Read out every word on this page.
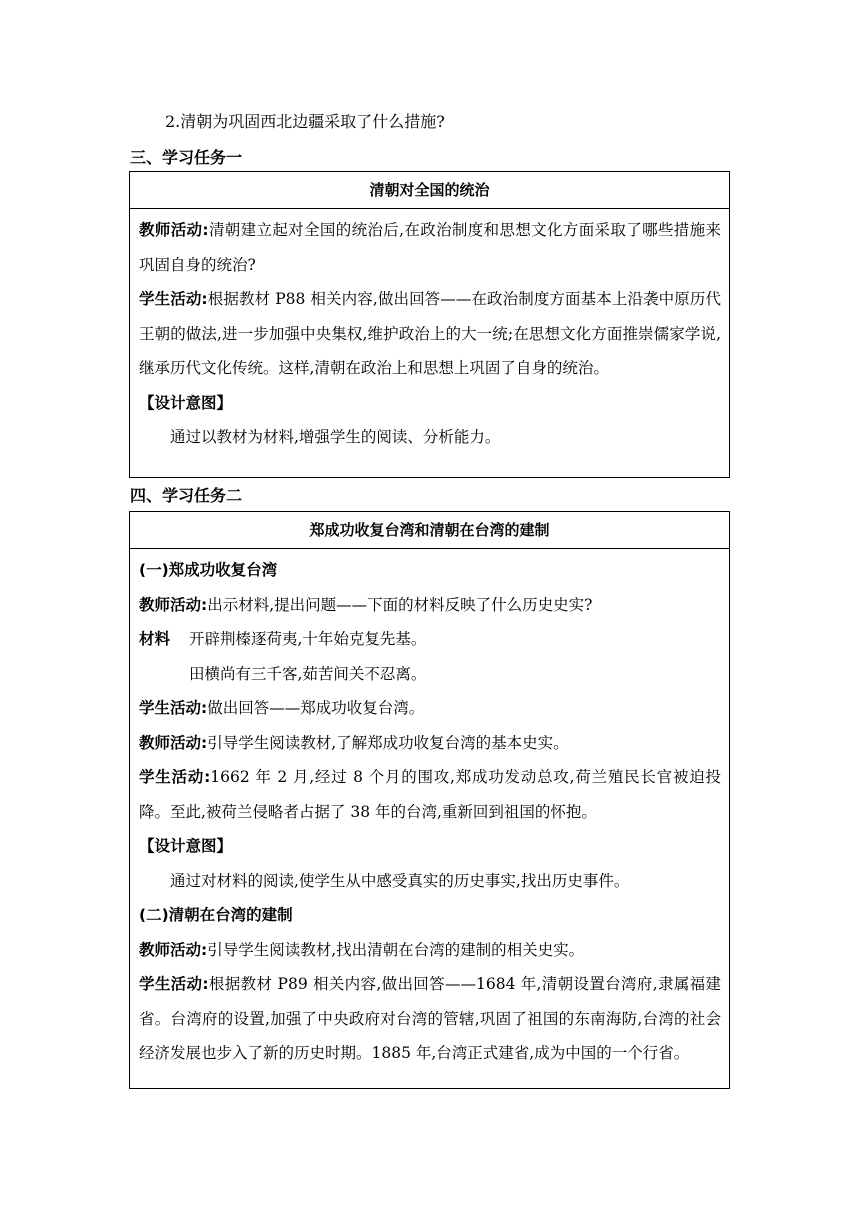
2.清朝为巩固西北边疆采取了什么措施?
三、学习任务一
清朝对全国的统治

教师活动:清朝建立起对全国的统治后,在政治制度和思想文化方面采取了哪些措施来巩固自身的统治?

学生活动:根据教材 P88 相关内容,做出回答——在政治制度方面基本上沿袭中原历代王朝的做法,进一步加强中央集权,维护政治上的大一统;在思想文化方面推崇儒家学说,继承历代文化传统。这样,清朝在政治上和思想上巩固了自身的统治。

【设计意图】

通过以教材为材料,增强学生的阅读、分析能力。

四、学习任务二
郑成功收复台湾和清朝在台湾的建制

(一)郑成功收复台湾

教师活动:出示材料,提出问题——下面的材料反映了什么历史史实?

材料 开辟荆榛逐荷夷,十年始克复先基。

田横尚有三千客,茹苦间关不忍离。

学生活动:做出回答——郑成功收复台湾。

教师活动:引导学生阅读教材,了解郑成功收复台湾的基本史实。

学生活动:1662 年 2 月,经过 8 个月的围攻,郑成功发动总攻,荷兰殖民长官被迫投降。至此,被荷兰侵略者占据了 38 年的台湾,重新回到祖国的怀抱。

【设计意图】

通过对材料的阅读,使学生从中感受真实的历史事实,找出历史事件。

(二)清朝在台湾的建制

教师活动:引导学生阅读教材,找出清朝在台湾的建制的相关史实。

学生活动:根据教材 P89 相关内容,做出回答——1684 年,清朝设置台湾府,隶属福建省。台湾府的设置,加强了中央政府对台湾的管辖,巩固了祖国的东南海防,台湾的社会经济发展也步入了新的历史时期。1885 年,台湾正式建省,成为中国的一个行省。
